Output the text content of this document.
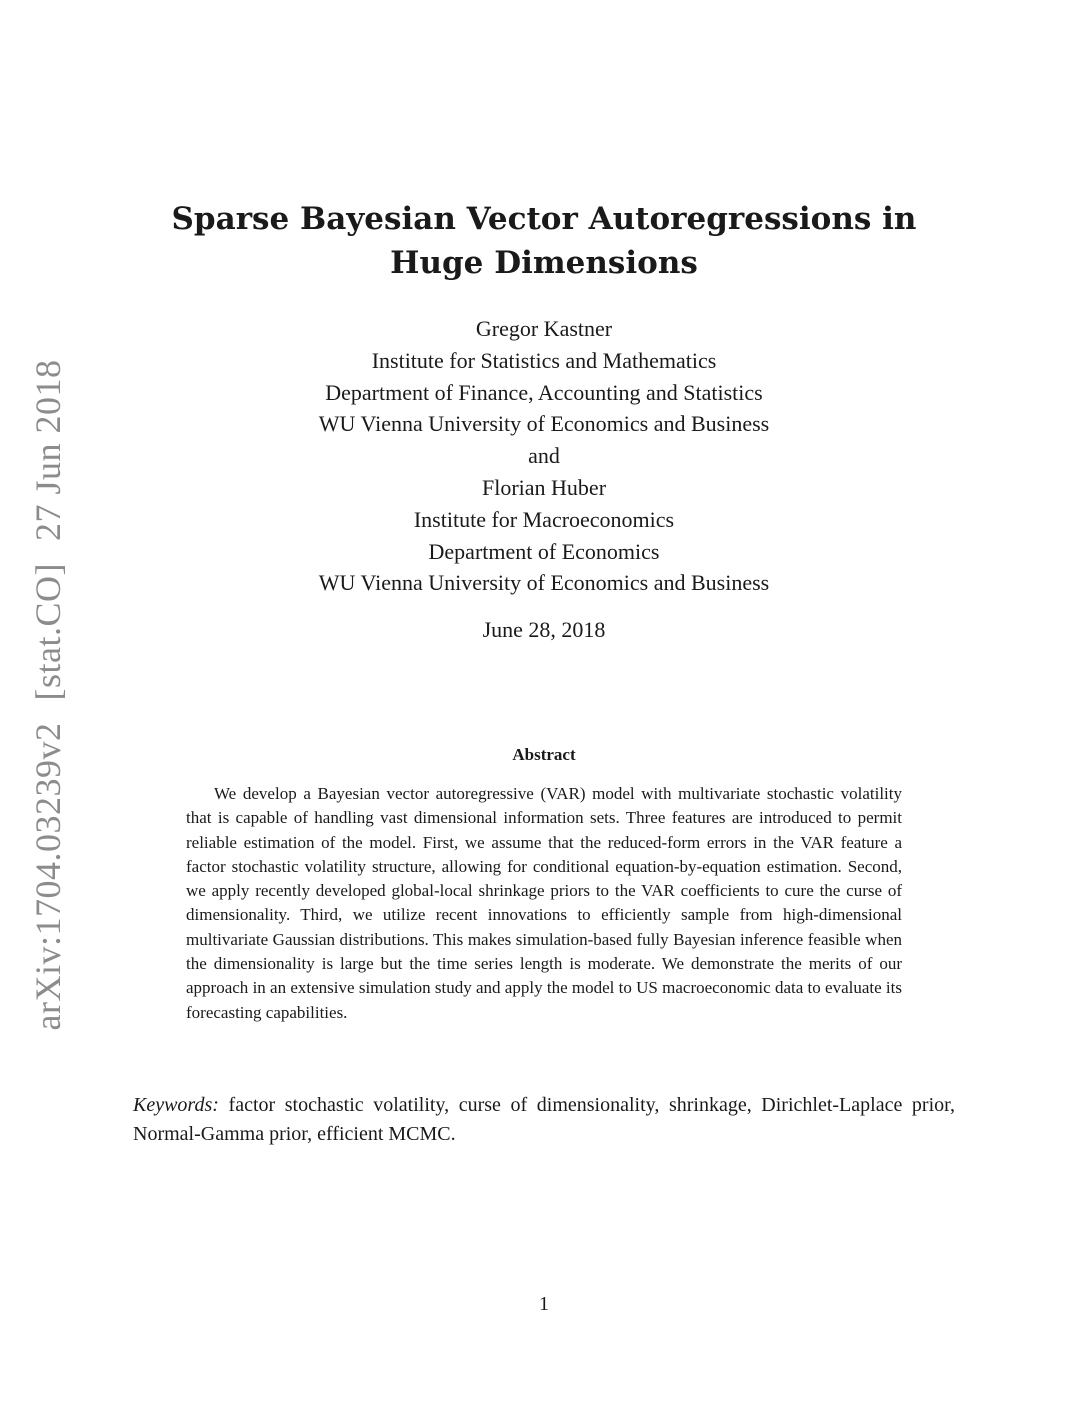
arXiv:1704.03239v2[stat.CO]27 Jun 2018
Sparse Bayesian Vector Autoregressions in
Huge Dimensions
Gregor Kastner
Institute for Statistics and Mathematics
Department of Finance, Accounting and Statistics
WU Vienna University of Economics and Business
and
Florian Huber
Institute for Macroeconomics
Department of Economics
WU Vienna University of Economics and Business
June 28, 2018
Abstract

We develop a Bayesian vector autoregressive (VAR) model with multivariate stochastic volatility that is capable of handling vast dimensional information sets. Three features are introduced to permit reliable estimation of the model. First, we assume that the reduced-form errors in the VAR feature a factor stochastic volatility structure, allowing for conditional equation-by-equation estimation. Second, we apply recently developed global-local shrinkage priors to the VAR coefficients to cure the curse of dimensionality. Third, we utilize recent innovations to efficiently sample from high-dimensional multivariate Gaussian distributions. This makes simulation-based fully Bayesian inference feasible when the dimensionality is large but the time series length is moderate. We demonstrate the merits of our approach in an extensive simulation study and apply the model to US macroeconomic data to evaluate its forecasting capabilities.

Keywords: factor stochastic volatility, curse of dimensionality, shrinkage, Dirichlet-Laplace prior, Normal-Gamma prior, efficient MCMC.

1
